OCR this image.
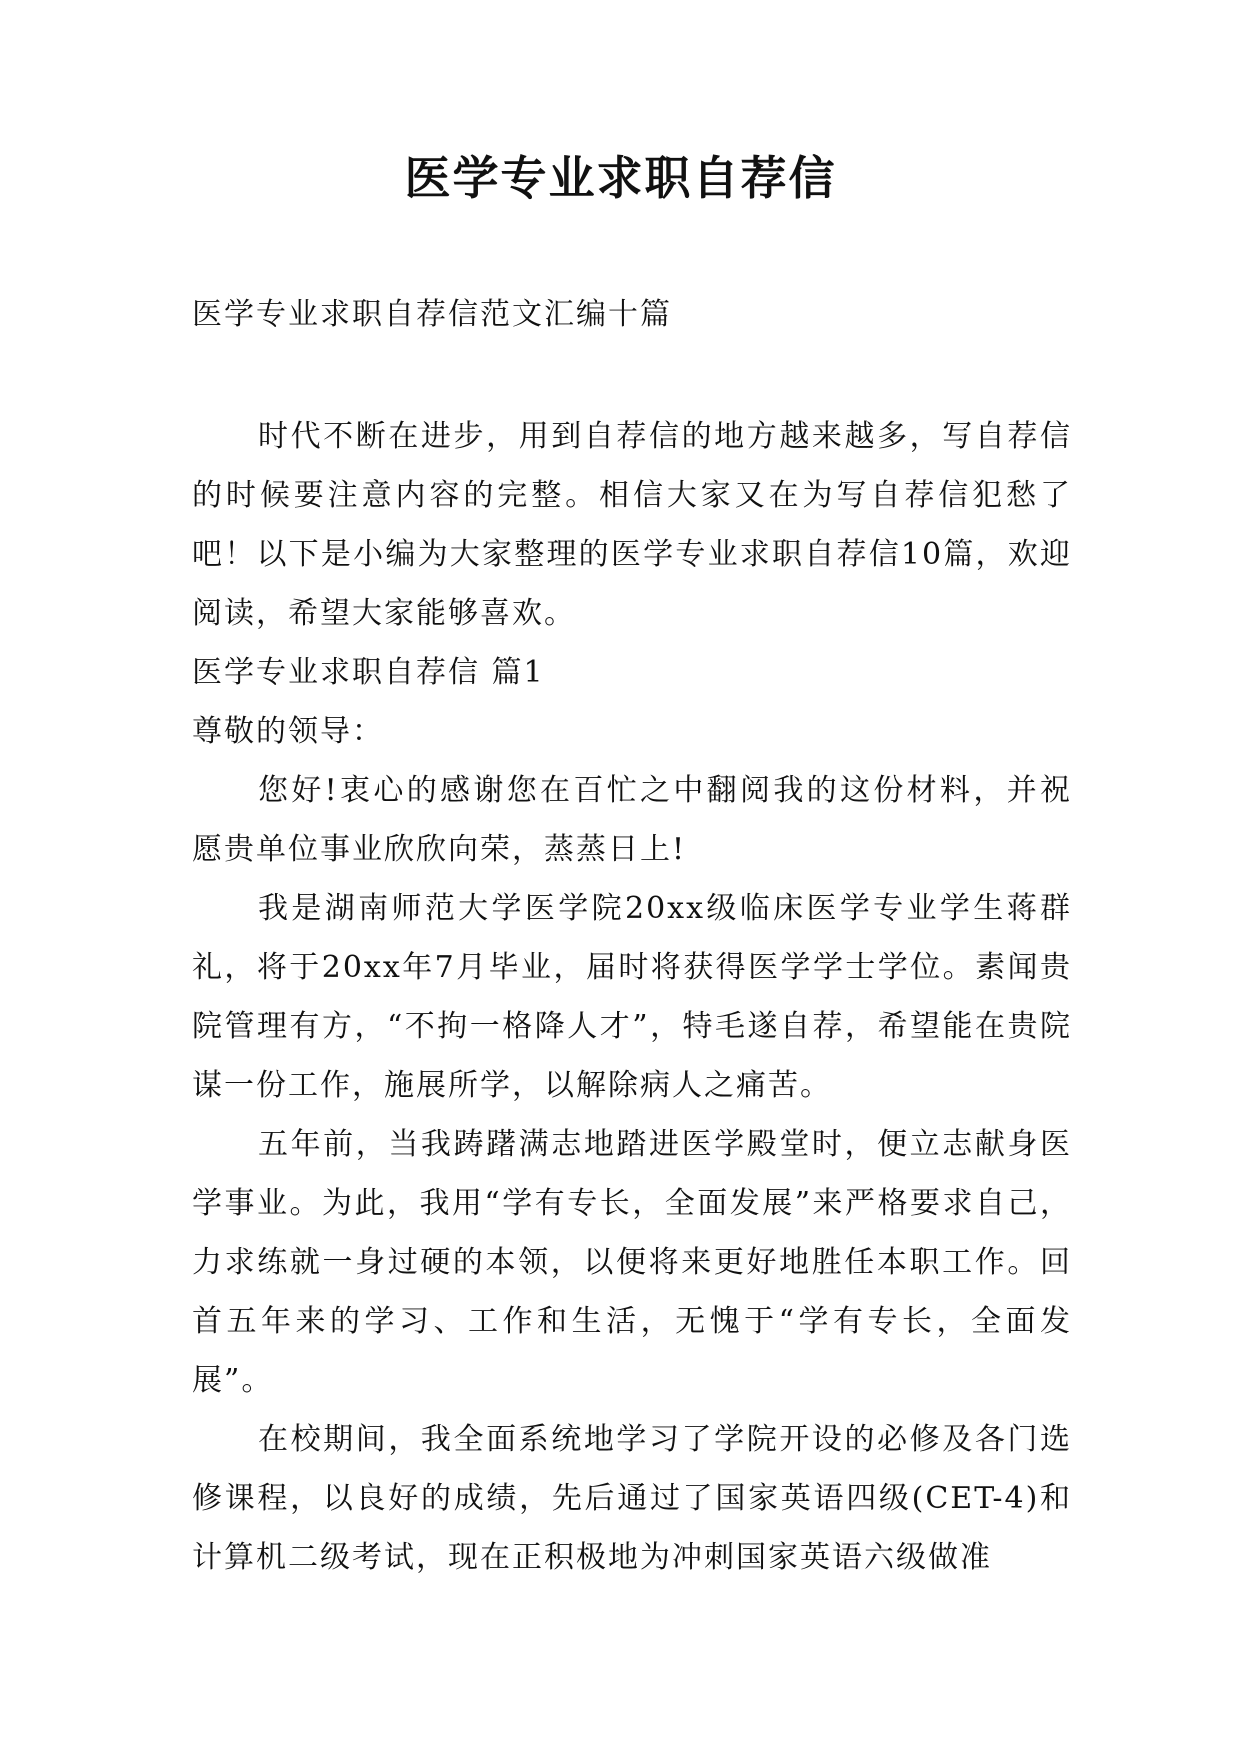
医学专业求职自荐信

医学专业求职自荐信范文汇编十篇

时代不断在进步，用到自荐信的地方越来越多，写自荐信的时候要注意内容的完整。相信大家又在为写自荐信犯愁了吧！以下是小编为大家整理的医学专业求职自荐信10篇，欢迎阅读，希望大家能够喜欢。

医学专业求职自荐信 篇1

尊敬的领导：

您好!衷心的感谢您在百忙之中翻阅我的这份材料，并祝愿贵单位事业欣欣向荣，蒸蒸日上!

我是湖南师范大学医学院20xx级临床医学专业学生蒋群礼，将于20xx年7月毕业，届时将获得医学学士学位。素闻贵院管理有方，“不拘一格降人才”，特毛遂自荐，希望能在贵院谋一份工作，施展所学，以解除病人之痛苦。

五年前，当我踌躇满志地踏进医学殿堂时，便立志献身医学事业。为此，我用“学有专长，全面发展”来严格要求自己，力求练就一身过硬的本领，以便将来更好地胜任本职工作。回首五年来的学习、工作和生活，无愧于“学有专长，全面发展”。

在校期间，我全面系统地学习了学院开设的必修及各门选修课程，以良好的成绩，先后通过了国家英语四级(CET-4)和计算机二级考试，现在正积极地为冲刺国家英语六级做准
